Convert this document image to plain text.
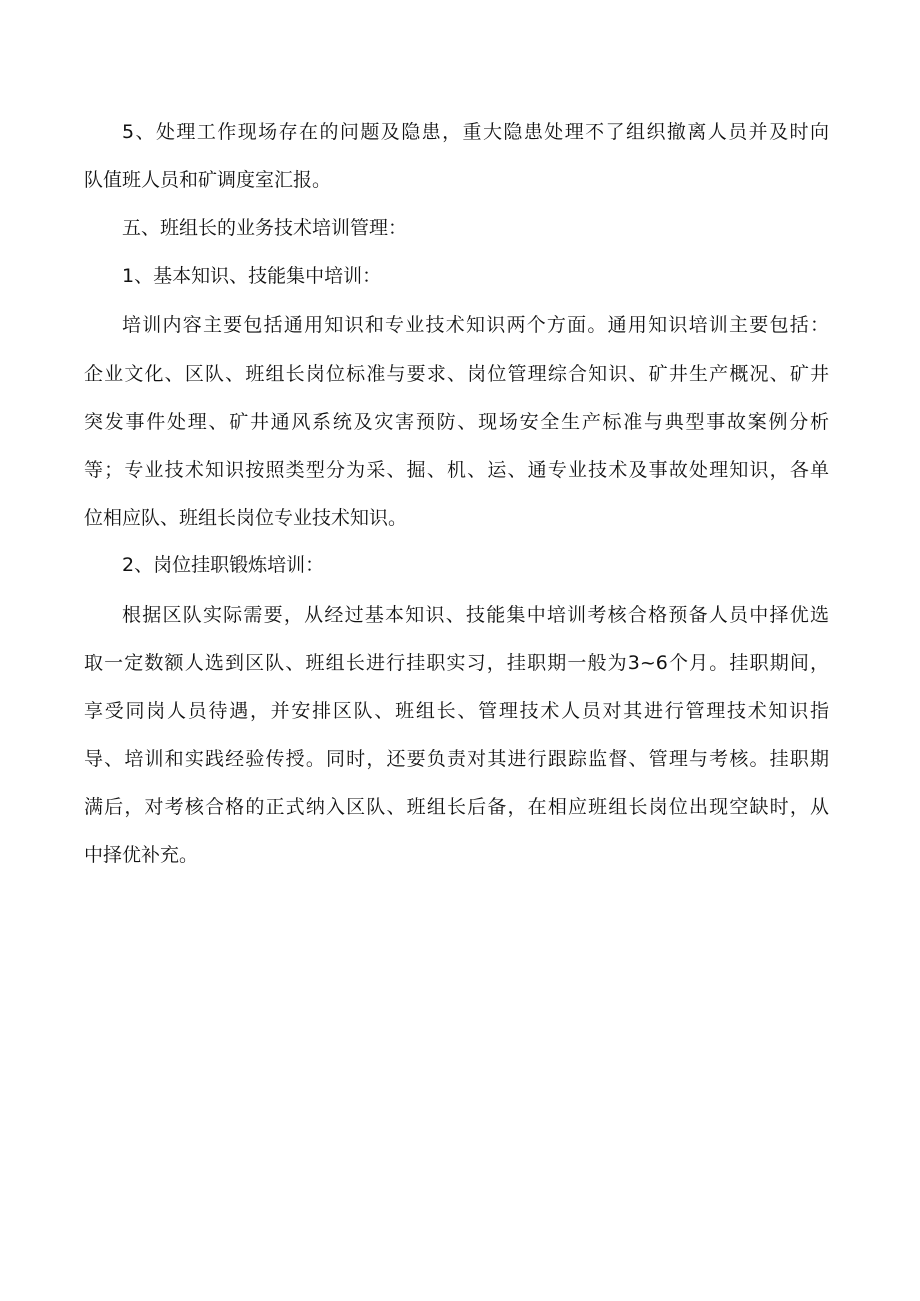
5、处理工作现场存在的问题及隐患，重大隐患处理不了组织撤离人员并及时向
队值班人员和矿调度室汇报。
五、班组长的业务技术培训管理：
1、基本知识、技能集中培训：
培训内容主要包括通用知识和专业技术知识两个方面。通用知识培训主要包括：
企业文化、区队、班组长岗位标准与要求、岗位管理综合知识、矿井生产概况、矿井
突发事件处理、矿井通风系统及灾害预防、现场安全生产标准与典型事故案例分析
等；专业技术知识按照类型分为采、掘、机、运、通专业技术及事故处理知识，各单
位相应队、班组长岗位专业技术知识。
2、岗位挂职锻炼培训：
根据区队实际需要，从经过基本知识、技能集中培训考核合格预备人员中择优选
取一定数额人选到区队、班组长进行挂职实习，挂职期一般为3~6个月。挂职期间，
享受同岗人员待遇，并安排区队、班组长、管理技术人员对其进行管理技术知识指
导、培训和实践经验传授。同时，还要负责对其进行跟踪监督、管理与考核。挂职期
满后，对考核合格的正式纳入区队、班组长后备，在相应班组长岗位出现空缺时，从
中择优补充。
